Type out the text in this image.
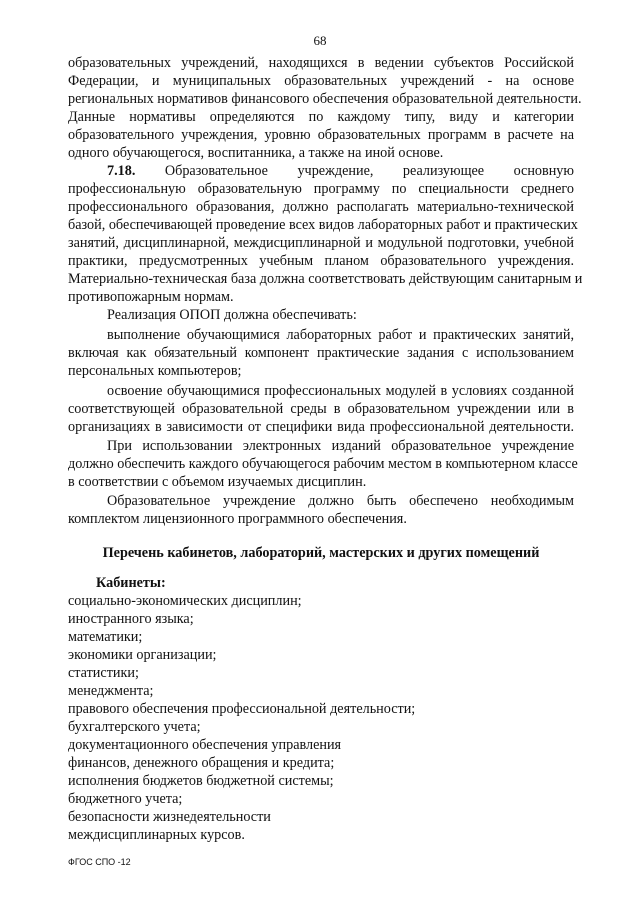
68
образовательных учреждений, находящихся в ведении субъектов Российской
Федерации, и муниципальных образовательных учреждений - на основе
региональных нормативов финансового обеспечения образовательной деятельности.
Данные нормативы определяются по каждому типу, виду и категории
образовательного учреждения, уровню образовательных программ в расчете на
одного обучающегося, воспитанника, а также на иной основе.
7.18. Образовательное учреждение, реализующее основную
профессиональную образовательную программу по специальности среднего
профессионального образования, должно располагать материально-технической
базой, обеспечивающей проведение всех видов лабораторных работ и практических
занятий, дисциплинарной, междисциплинарной и модульной подготовки, учебной
практики, предусмотренных учебным планом образовательного учреждения.
Материально-техническая база должна соответствовать действующим санитарным и
противопожарным нормам.
Реализация ОПОП должна обеспечивать:
выполнение обучающимися лабораторных работ и практических занятий,
включая как обязательный компонент практические задания с использованием
персональных компьютеров;
освоение обучающимися профессиональных модулей в условиях созданной
соответствующей образовательной среды в образовательном учреждении или в
организациях в зависимости от специфики вида профессиональной деятельности.
При использовании электронных изданий образовательное учреждение
должно обеспечить каждого обучающегося рабочим местом в компьютерном классе
в соответствии с объемом изучаемых дисциплин.
Образовательное учреждение должно быть обеспечено необходимым
комплектом лицензионного программного обеспечения.
Перечень кабинетов, лабораторий, мастерских и других помещений
Кабинеты:
социально-экономических дисциплин;
иностранного языка;
математики;
экономики организации;
статистики;
менеджмента;
правового обеспечения профессиональной деятельности;
бухгалтерского учета;
документационного обеспечения управления
финансов, денежного обращения и кредита;
исполнения бюджетов бюджетной системы;
бюджетного учета;
безопасности жизнедеятельности
междисциплинарных курсов.
ФГОС СПО -12
